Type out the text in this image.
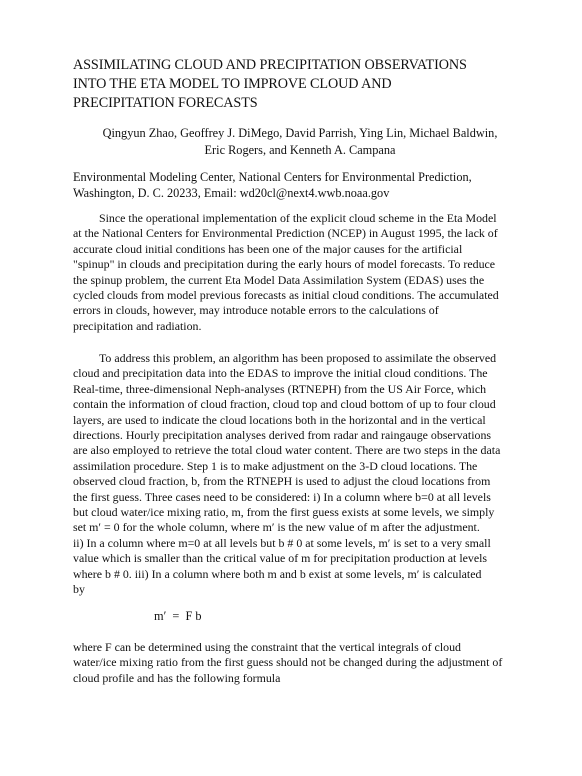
ASSIMILATING CLOUD AND PRECIPITATION OBSERVATIONS
INTO THE ETA MODEL TO IMPROVE CLOUD AND
PRECIPITATION FORECASTS
Qingyun Zhao, Geoffrey J. DiMego, David Parrish, Ying Lin, Michael Baldwin,
Eric Rogers, and Kenneth A. Campana
Environmental Modeling Center, National Centers for Environmental Prediction,
Washington, D. C. 20233, Email: wd20cl@next4.wwb.noaa.gov
Since the operational implementation of the explicit cloud scheme in the Eta Model
at the National Centers for Environmental Prediction (NCEP) in August 1995, the lack of
accurate cloud initial conditions has been one of the major causes for the artificial
"spinup" in clouds and precipitation during the early hours of model forecasts. To reduce
the spinup problem, the current Eta Model Data Assimilation System (EDAS) uses the
cycled clouds from model previous forecasts as initial cloud conditions. The accumulated
errors in clouds, however, may introduce notable errors to the calculations of
precipitation and radiation.
To address this problem, an algorithm has been proposed to assimilate the observed
cloud and precipitation data into the EDAS to improve the initial cloud conditions. The
Real-time, three-dimensional Neph-analyses (RTNEPH) from the US Air Force, which
contain the information of cloud fraction, cloud top and cloud bottom of up to four cloud
layers, are used to indicate the cloud locations both in the horizontal and in the vertical
directions. Hourly precipitation analyses derived from radar and raingauge observations
are also employed to retrieve the total cloud water content. There are two steps in the data
assimilation procedure. Step 1 is to make adjustment on the 3-D cloud locations. The
observed cloud fraction, b, from the RTNEPH is used to adjust the cloud locations from
the first guess. Three cases need to be considered: i) In a column where b=0 at all levels
but cloud water/ice mixing ratio, m, from the first guess exists at some levels, we simply
set m′ = 0 for the whole column, where m′ is the new value of m after the adjustment.
ii) In a column where m=0 at all levels but b # 0 at some levels, m′ is set to a very small
value which is smaller than the critical value of m for precipitation production at levels
where b # 0. iii) In a column where both m and b exist at some levels, m′ is calculated
by
m′  =  F b
where F can be determined using the constraint that the vertical integrals of cloud
water/ice mixing ratio from the first guess should not be changed during the adjustment of
cloud profile and has the following formula
